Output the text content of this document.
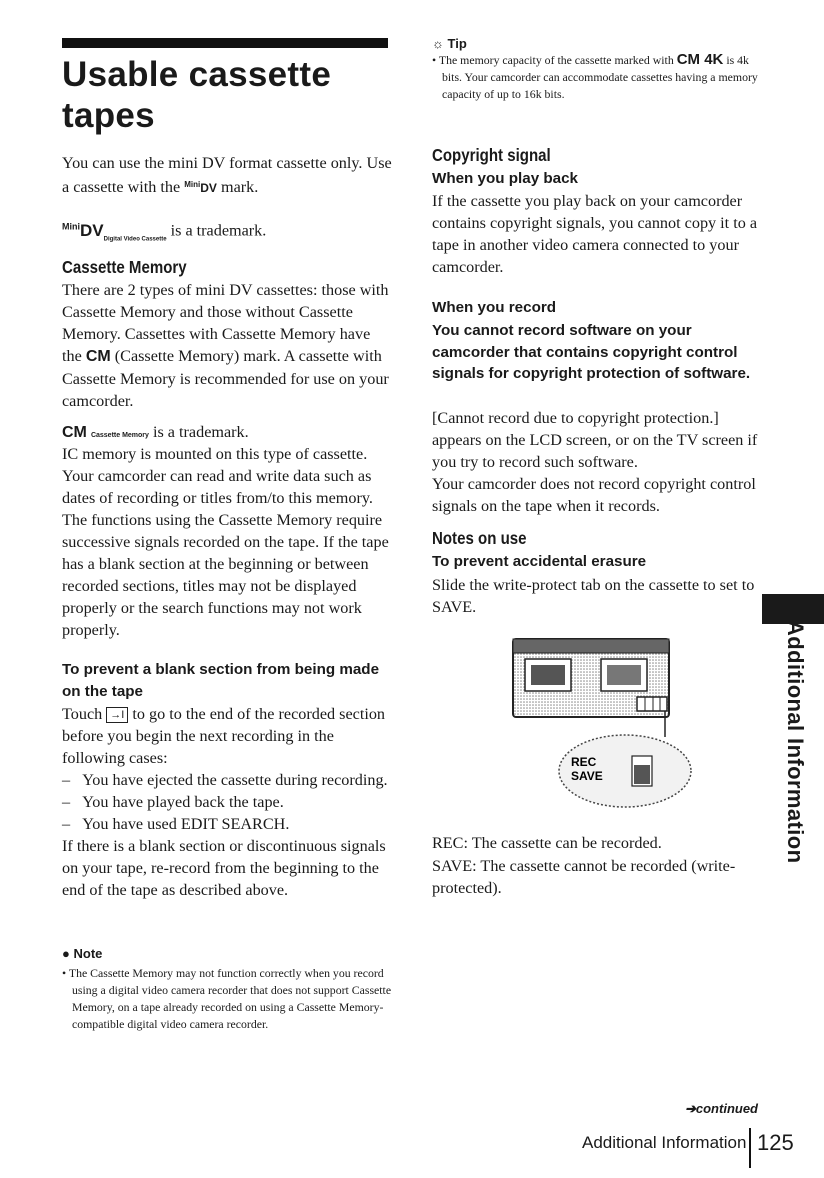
Usable cassette tapes

You can use the mini DV format cassette only. Use a cassette with the $^{Mini}$DV mark.

$^{Mini}DV_{Digital Video Cassette}$ is a trademark.

Cassette Memory

There are 2 types of mini DV cassettes: those with Cassette Memory and those without Cassette Memory. Cassettes with Cassette Memory have the CM (Cassette Memory) mark. A cassette with Cassette Memory is recommended for use on your camcorder.

CM Cassette Memory is a trademark.

IC memory is mounted on this type of cassette. Your camcorder can read and write data such as dates of recording or titles from/to this memory. The functions using the Cassette Memory require successive signals recorded on the tape. If the tape has a blank section at the beginning or between recorded sections, titles may not be displayed properly or the search functions may not work properly.

To prevent a blank section from being made on the tape
Touch →I to go to the end of the recorded section before you begin the next recording in the following cases:
–   You have ejected the cassette during recording.
–   You have played back the tape.
–   You have used EDIT SEARCH.
If there is a blank section or discontinuous signals on your tape, re-record from the beginning to the end of the tape as described above.
● Note
• The Cassette Memory may not function correctly when you record using a digital video camera recorder that does not support Cassette Memory, on a tape already recorded on using a Cassette Memory-compatible digital video camera recorder.
☼ Tip
• The memory capacity of the cassette marked with CM 4K is 4k bits. Your camcorder can accommodate cassettes having a memory capacity of up to 16k bits.
Copyright signal
When you play back

If the cassette you play back on your camcorder contains copyright signals, you cannot copy it to a tape in another video camera connected to your camcorder.

When you record
You cannot record software on your camcorder that contains copyright control signals for copyright protection of software.

[Cannot record due to copyright protection.] appears on the LCD screen, or on the TV screen if you try to record such software.

Your camcorder does not record copyright control signals on the tape when it records.

Notes on use
To prevent accidental erasure

Slide the write-protect tab on the cassette to set to SAVE.

REC
SAVE

REC: The cassette can be recorded.

SAVE: The cassette cannot be recorded (write-protected).

Additional Information
➔continued
Additional Information 125
